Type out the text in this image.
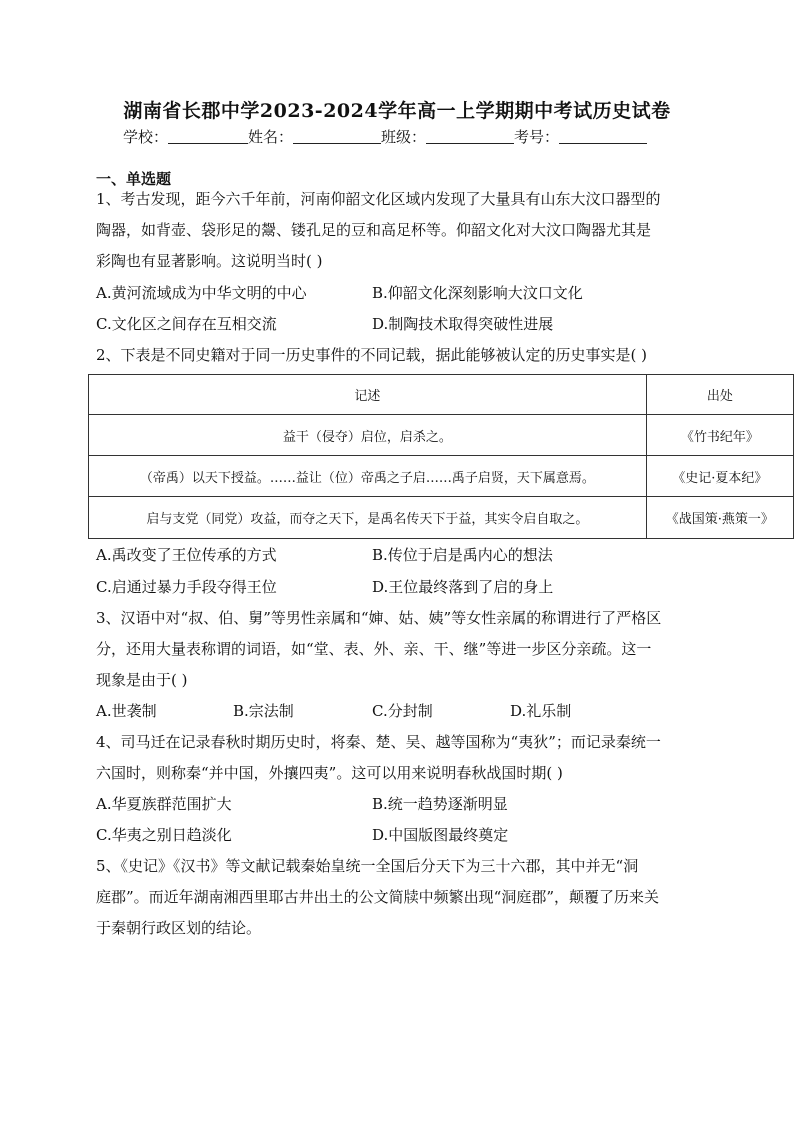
湖南省长郡中学2023-2024学年高一上学期期中考试历史试卷
学校：	姓名：	班级：	考号：
一、单选题
1、考古发现，距今六千年前，河南仰韶文化区域内发现了大量具有山东大汶口器型的
陶器，如背壶、袋形足的鬶、镂孔足的豆和高足杯等。仰韶文化对大汶口陶器尤其是
彩陶也有显著影响。这说明当时( )
A.黄河流域成为中华文明的中心	B.仰韶文化深刻影响大汶口文化
C.文化区之间存在互相交流	D.制陶技术取得突破性进展
2、下表是不同史籍对于同一历史事件的不同记载，据此能够被认定的历史事实是( )
记述	出处
益干（侵夺）启位，启杀之。	《竹书纪年》
（帝禹）以天下授益。……益让（位）帝禹之子启……禹子启贤，天下属意焉。	《史记·夏本纪》
启与支党（同党）攻益，而夺之天下，是禹名传天下于益，其实令启自取之。	《战国策·燕策一》
A.禹改变了王位传承的方式	B.传位于启是禹内心的想法
C.启通过暴力手段夺得王位	D.王位最终落到了启的身上
3、汉语中对“叔、伯、舅”等男性亲属和“婶、姑、姨”等女性亲属的称谓进行了严格区
分，还用大量表称谓的词语，如“堂、表、外、亲、干、继”等进一步区分亲疏。这一
现象是由于( )
A.世袭制	B.宗法制	C.分封制	D.礼乐制
4、司马迁在记录春秋时期历史时，将秦、楚、吴、越等国称为“夷狄”；而记录秦统一
六国时，则称秦“并中国，外攘四夷”。这可以用来说明春秋战国时期( )
A.华夏族群范围扩大	B.统一趋势逐渐明显
C.华夷之别日趋淡化	D.中国版图最终奠定
5、《史记》《汉书》等文献记载秦始皇统一全国后分天下为三十六郡，其中并无“洞
庭郡”。而近年湖南湘西里耶古井出土的公文简牍中频繁出现“洞庭郡”，颠覆了历来关
于秦朝行政区划的结论。
